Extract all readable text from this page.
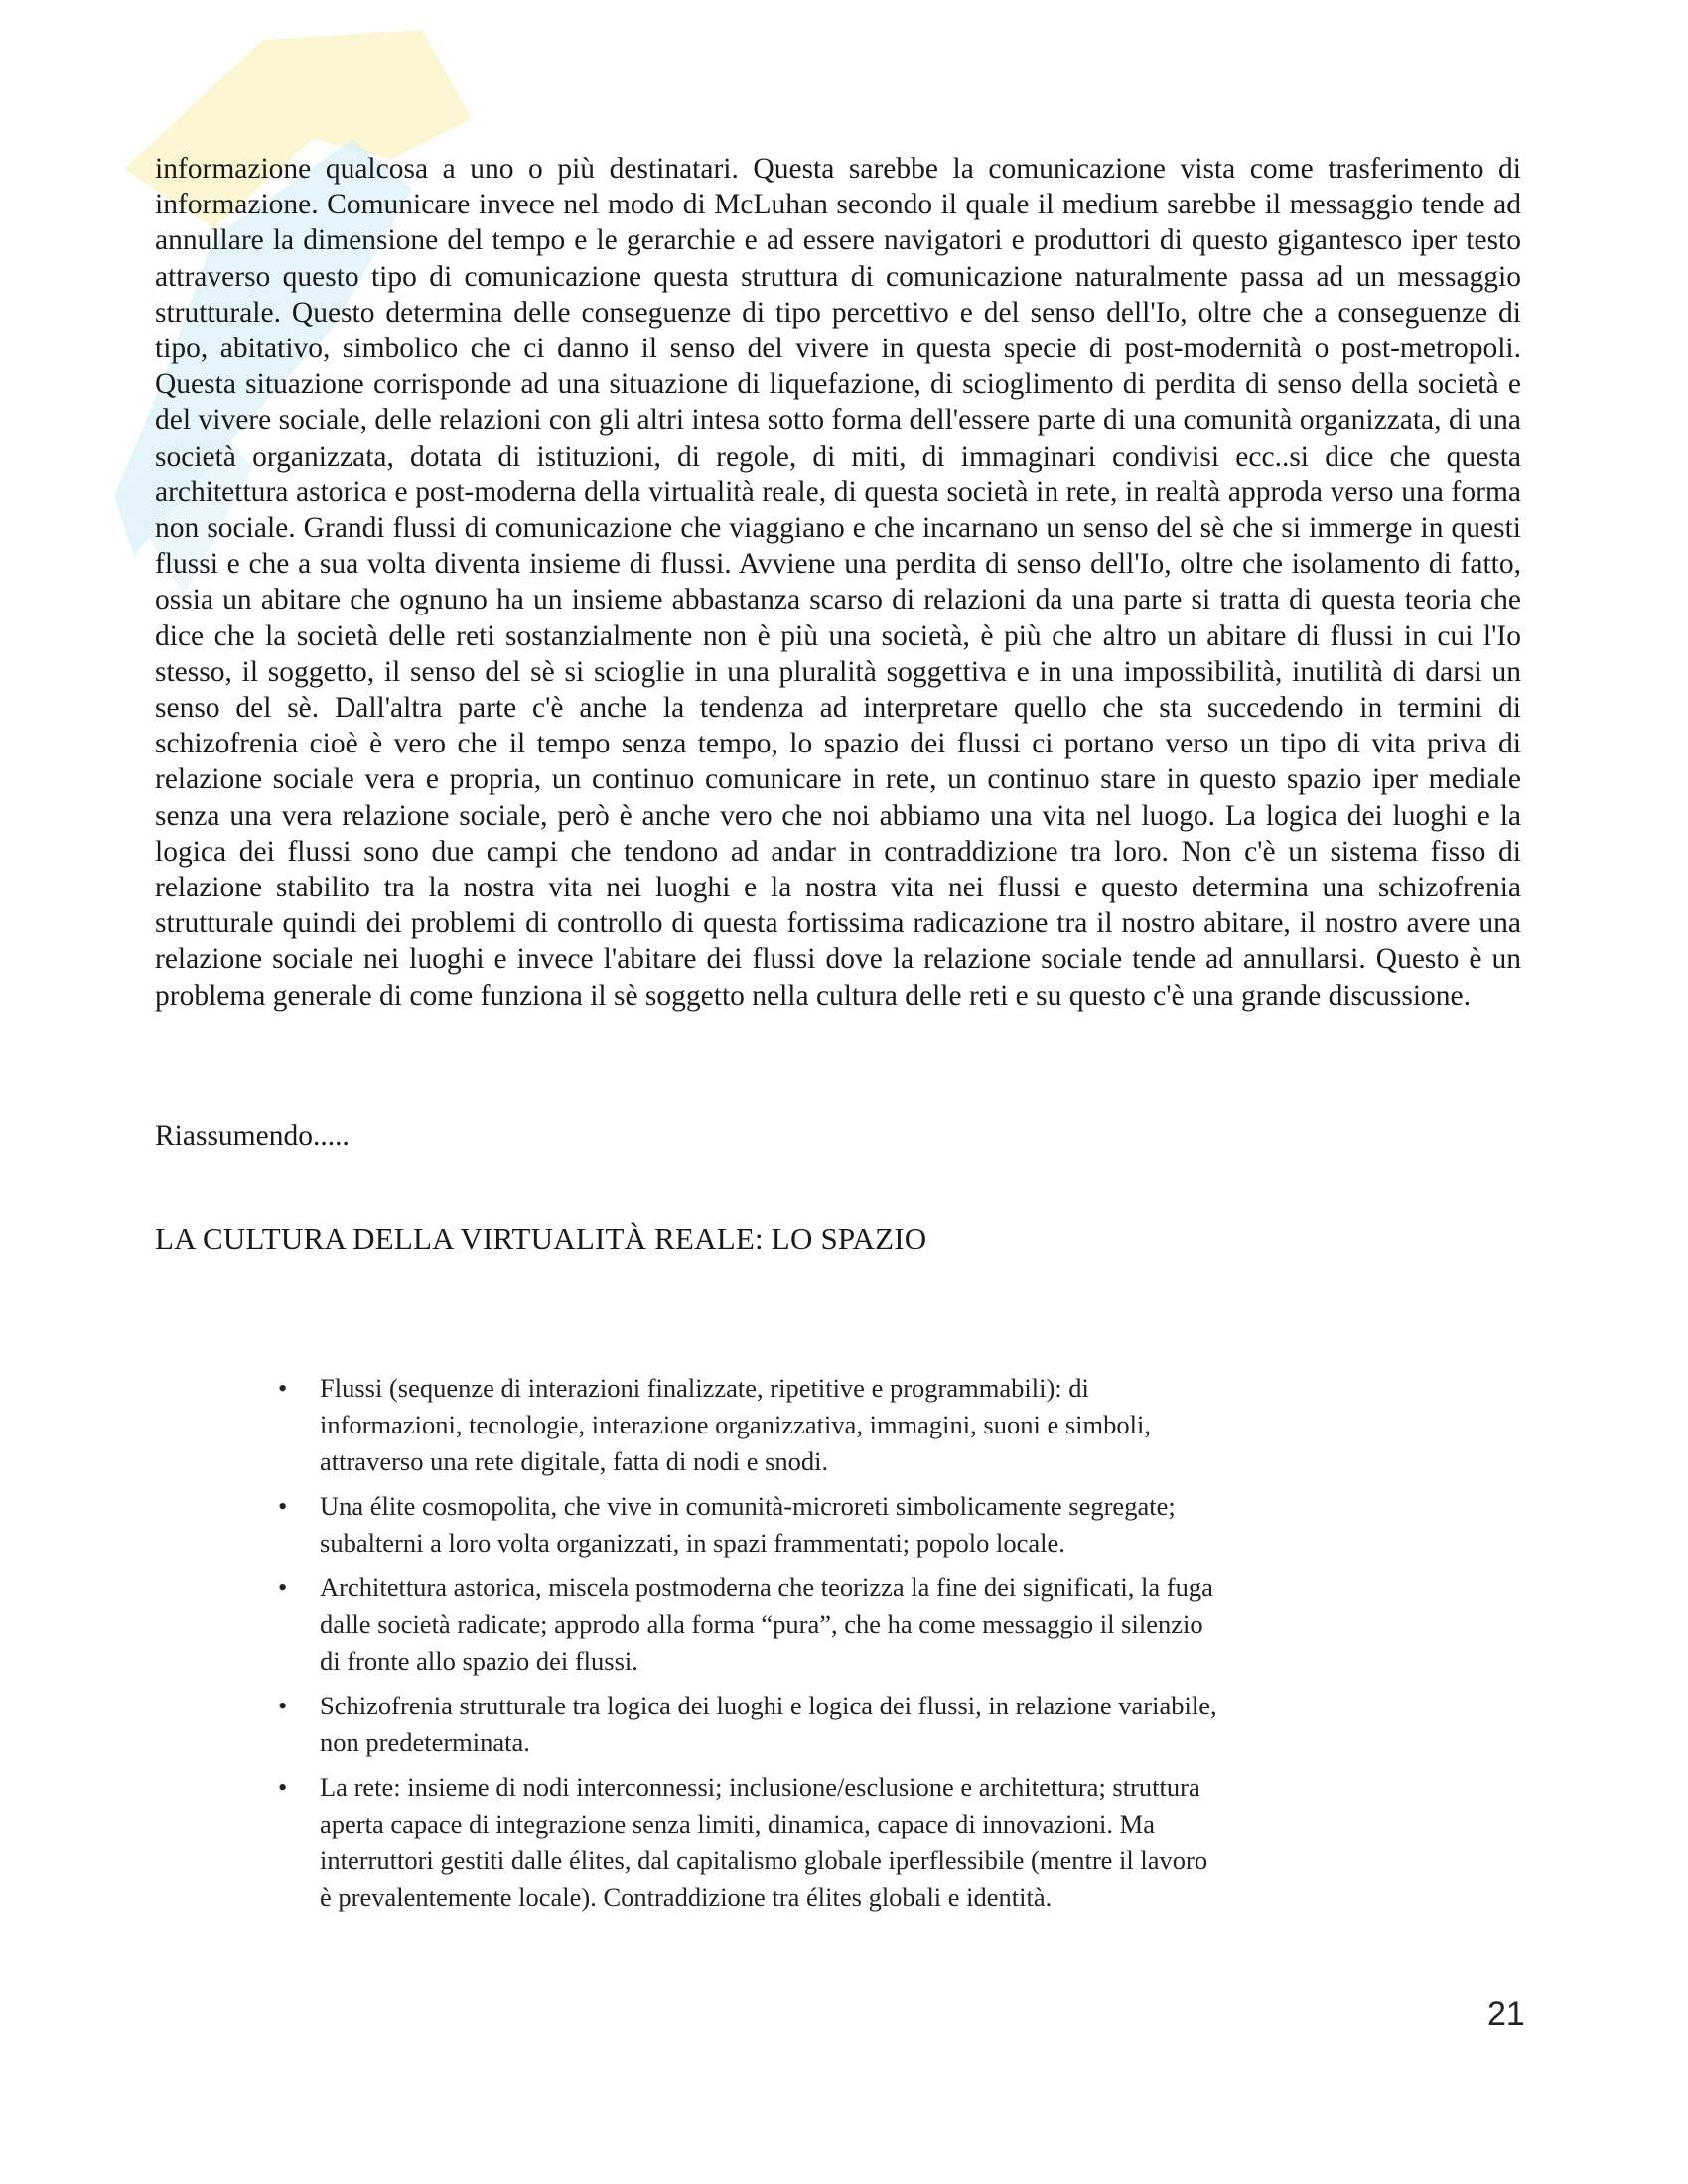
informazione qualcosa a uno o più destinatari. Questa sarebbe la comunicazione vista come trasferimento di informazione. Comunicare invece nel modo di McLuhan secondo il quale il medium sarebbe il messaggio tende ad annullare la dimensione del tempo e le gerarchie e ad essere navigatori e produttori di questo gigantesco iper testo attraverso questo tipo di comunicazione questa struttura di comunicazione naturalmente passa ad un messaggio strutturale. Questo determina delle conseguenze di tipo percettivo e del senso dell'Io, oltre che a conseguenze di tipo, abitativo, simbolico che ci danno il senso del vivere in questa specie di post-modernità o post-metropoli. Questa situazione corrisponde ad una situazione di liquefazione, di scioglimento di perdita di senso della società e del vivere sociale, delle relazioni con gli altri intesa sotto forma dell'essere parte di una comunità organizzata, di una società organizzata, dotata di istituzioni, di regole, di miti, di immaginari condivisi ecc..si dice che questa architettura astorica e post-moderna della virtualità reale, di questa società in rete, in realtà approda verso una forma non sociale. Grandi flussi di comunicazione che viaggiano e che incarnano un senso del sè che si immerge in questi flussi e che a sua volta diventa insieme di flussi. Avviene una perdita di senso dell'Io, oltre che isolamento di fatto, ossia un abitare che ognuno ha un insieme abbastanza scarso di relazioni da una parte si tratta di questa teoria che dice che la società delle reti sostanzialmente non è più una società, è più che altro un abitare di flussi in cui l'Io stesso, il soggetto, il senso del sè si scioglie in una pluralità soggettiva e in una impossibilità, inutilità di darsi un senso del sè. Dall'altra parte c'è anche la tendenza ad interpretare quello che sta succedendo in termini di schizofrenia cioè è vero che il tempo senza tempo, lo spazio dei flussi ci portano verso un tipo di vita priva di relazione sociale vera e propria, un continuo comunicare in rete, un continuo stare in questo spazio iper mediale senza una vera relazione sociale, però è anche vero che noi abbiamo una vita nel luogo. La logica dei luoghi e la logica dei flussi sono due campi che tendono ad andar in contraddizione tra loro. Non c'è un sistema fisso di relazione stabilito tra la nostra vita nei luoghi e la nostra vita nei flussi e questo determina una schizofrenia strutturale quindi dei problemi di controllo di questa fortissima radicazione tra il nostro abitare, il nostro avere una relazione sociale nei luoghi e invece l'abitare dei flussi dove la relazione sociale tende ad annullarsi. Questo è un problema generale di come funziona il sè soggetto nella cultura delle reti e su questo c'è una grande discussione.

Riassumendo.....

LA CULTURA DELLA VIRTUALITÀ REALE: LO SPAZIO
• Flussi (sequenze di interazioni finalizzate, ripetitive e programmabili): di informazioni, tecnologie, interazione organizzativa, immagini, suoni e simboli, attraverso una rete digitale, fatta di nodi e snodi.
• Una élite cosmopolita, che vive in comunità-microreti simbolicamente segregate; subalterni a loro volta organizzati, in spazi frammentati; popolo locale.
• Architettura astorica, miscela postmoderna che teorizza la fine dei significati, la fuga dalle società radicate; approdo alla forma “pura”, che ha come messaggio il silenzio di fronte allo spazio dei flussi.
• Schizofrenia strutturale tra logica dei luoghi e logica dei flussi, in relazione variabile, non predeterminata.
• La rete: insieme di nodi interconnessi; inclusione/esclusione e architettura; struttura aperta capace di integrazione senza limiti, dinamica, capace di innovazioni. Ma interruttori gestiti dalle élites, dal capitalismo globale iperflessibile (mentre il lavoro è prevalentemente locale). Contraddizione tra élites globali e identità.
21
